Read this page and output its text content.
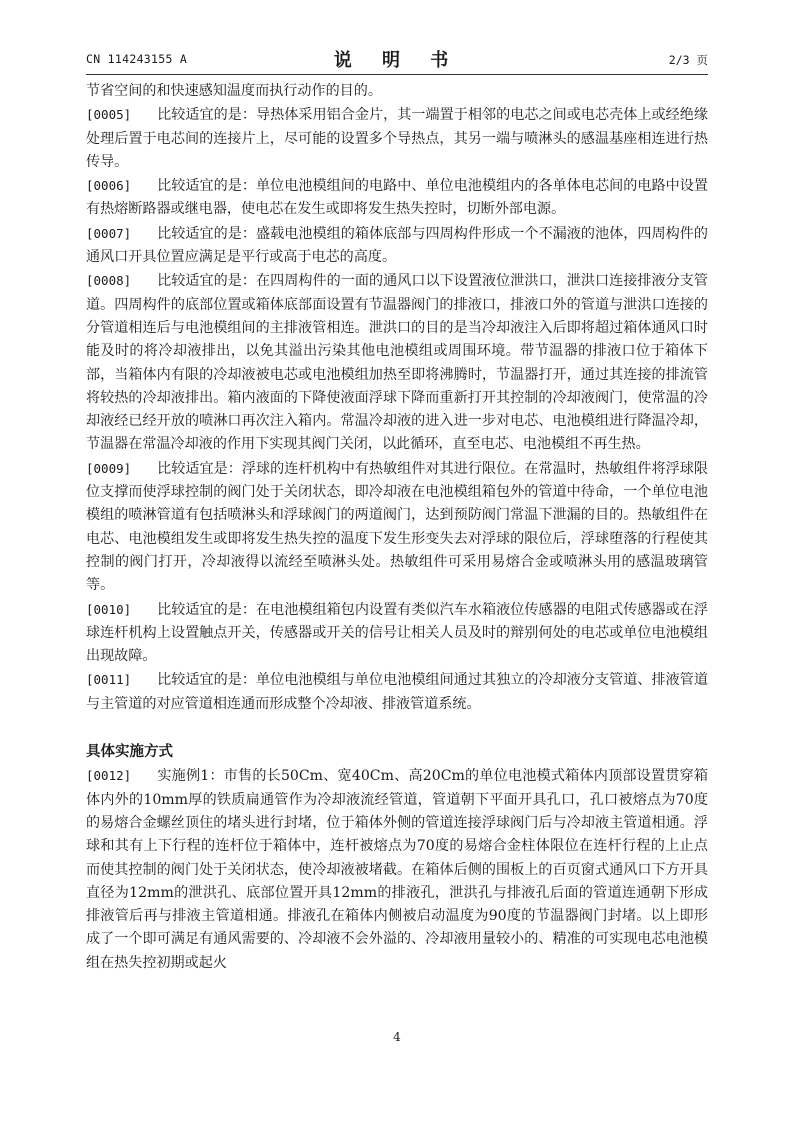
CN 114243155 A	说 明 书	2/3 页

节省空间的和快速感知温度而执行动作的目的。

[0005] 比较适宜的是：导热体采用铝合金片，其一端置于相邻的电芯之间或电芯壳体上或经绝缘处理后置于电芯间的连接片上，尽可能的设置多个导热点，其另一端与喷淋头的感温基座相连进行热传导。

[0006] 比较适宜的是：单位电池模组间的电路中、单位电池模组内的各单体电芯间的电路中设置有热熔断路器或继电器，使电芯在发生或即将发生热失控时，切断外部电源。

[0007] 比较适宜的是：盛载电池模组的箱体底部与四周构件形成一个不漏液的池体，四周构件的通风口开具位置应满足是平行或高于电芯的高度。

[0008] 比较适宜的是：在四周构件的一面的通风口以下设置液位泄洪口，泄洪口连接排液分支管道。四周构件的底部位置或箱体底部面设置有节温器阀门的排液口，排液口外的管道与泄洪口连接的分管道相连后与电池模组间的主排液管相连。泄洪口的目的是当冷却液注入后即将超过箱体通风口时能及时的将冷却液排出，以免其溢出污染其他电池模组或周围环境。带节温器的排液口位于箱体下部，当箱体内有限的冷却液被电芯或电池模组加热至即将沸腾时，节温器打开，通过其连接的排流管将较热的冷却液排出。箱内液面的下降使液面浮球下降而重新打开其控制的冷却液阀门，使常温的冷却液经已经开放的喷淋口再次注入箱内。常温冷却液的进入进一步对电芯、电池模组进行降温冷却，节温器在常温冷却液的作用下实现其阀门关闭，以此循环，直至电芯、电池模组不再生热。

[0009] 比较适宜是：浮球的连杆机构中有热敏组件对其进行限位。在常温时，热敏组件将浮球限位支撑而使浮球控制的阀门处于关闭状态，即冷却液在电池模组箱包外的管道中待命，一个单位电池模组的喷淋管道有包括喷淋头和浮球阀门的两道阀门，达到预防阀门常温下泄漏的目的。热敏组件在电芯、电池模组发生或即将发生热失控的温度下发生形变失去对浮球的限位后，浮球堕落的行程使其控制的阀门打开，冷却液得以流经至喷淋头处。热敏组件可采用易熔合金或喷淋头用的感温玻璃管等。

[0010] 比较适宜的是：在电池模组箱包内设置有类似汽车水箱液位传感器的电阻式传感器或在浮球连杆机构上设置触点开关，传感器或开关的信号让相关人员及时的辩别何处的电芯或单位电池模组出现故障。

[0011] 比较适宜的是：单位电池模组与单位电池模组间通过其独立的冷却液分支管道、排液管道与主管道的对应管道相连通而形成整个冷却液、排液管道系统。

具体实施方式

[0012] 实施例1：市售的长50Cm、宽40Cm、高20Cm的单位电池模式箱体内顶部设置贯穿箱体内外的10mm厚的铁质扁通管作为冷却液流经管道，管道朝下平面开具孔口，孔口被熔点为70度的易熔合金螺丝顶住的堵头进行封堵，位于箱体外侧的管道连接浮球阀门后与冷却液主管道相通。浮球和其有上下行程的连杆位于箱体中，连杆被熔点为70度的易熔合金柱体限位在连杆行程的上止点而使其控制的阀门处于关闭状态，使冷却液被堵截。在箱体后侧的围板上的百页窗式通风口下方开具直径为12mm的泄洪孔、底部位置开具12mm的排液孔，泄洪孔与排液孔后面的管道连通朝下形成排液管后再与排液主管道相通。排液孔在箱体内侧被启动温度为90度的节温器阀门封堵。以上即形成了一个即可满足有通风需要的、冷却液不会外溢的、冷却液用量较小的、精准的可实现电芯电池模组在热失控初期或起火

4
